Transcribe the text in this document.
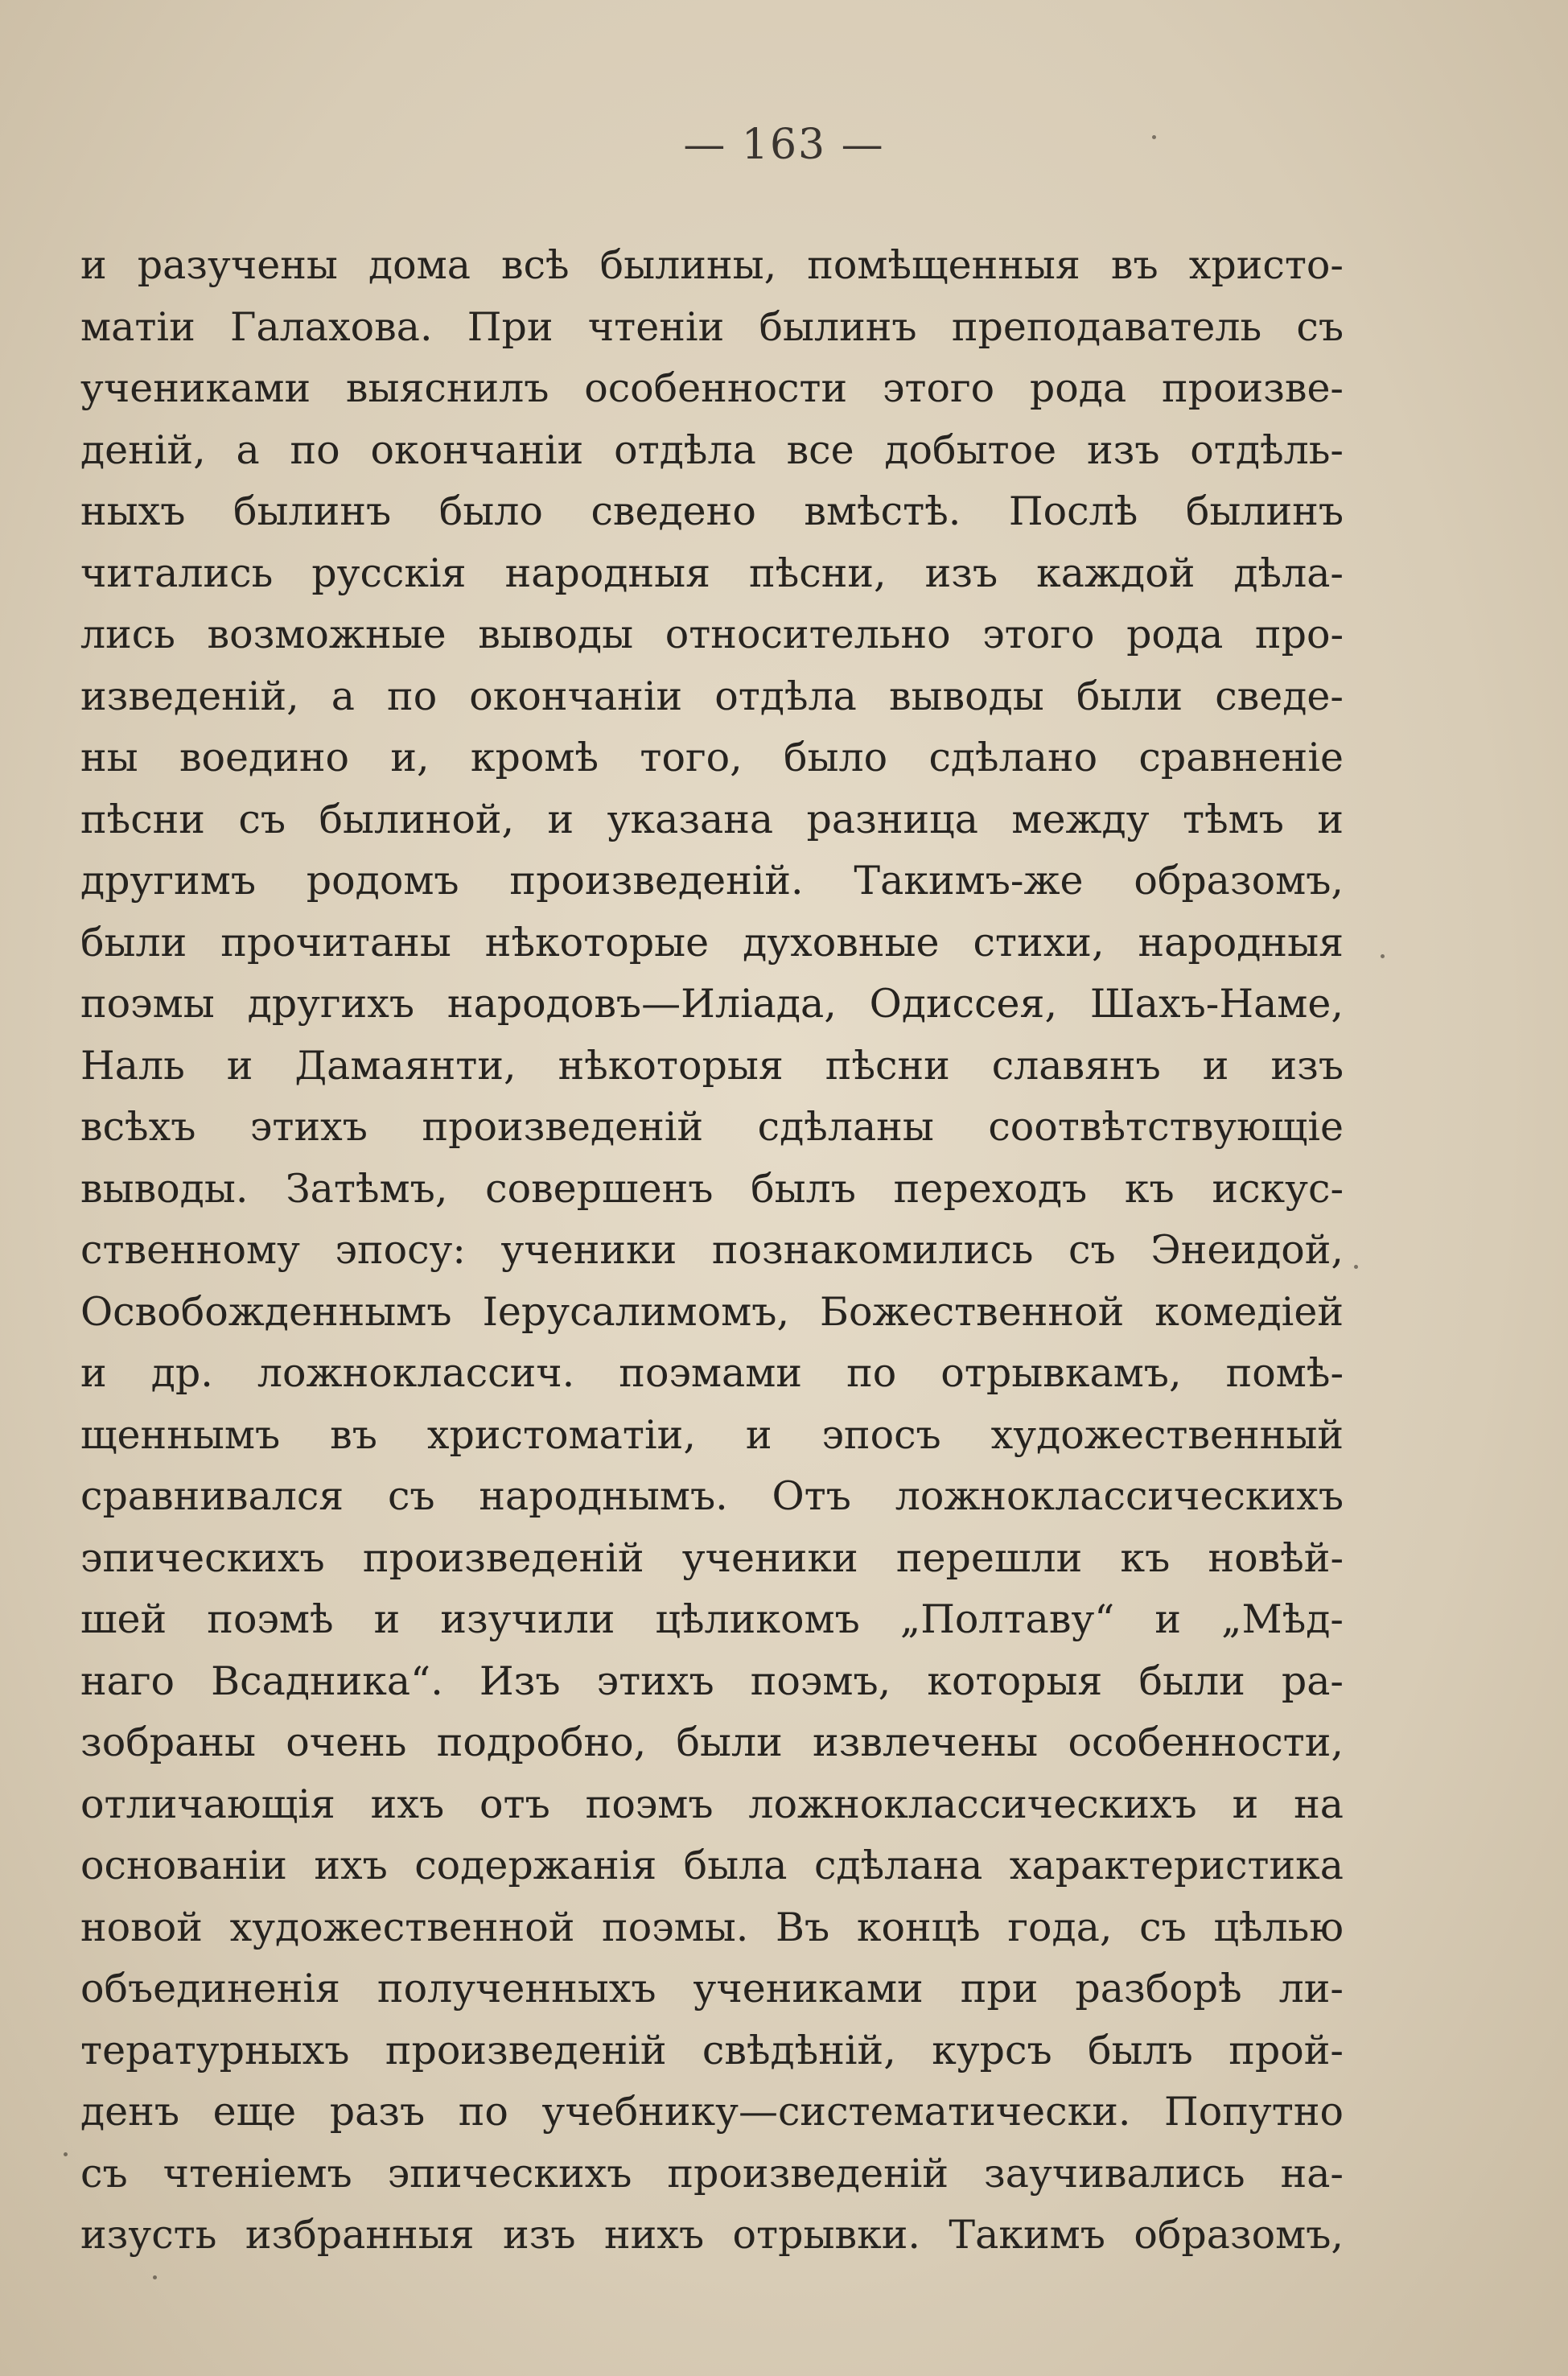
— 163 —
и разучены дома всѣ былины, помѣщенныя въ христо-
матіи Галахова. При чтеніи былинъ преподаватель съ
учениками выяснилъ особенности этого рода произве-
деній, а по окончаніи отдѣла все добытое изъ отдѣль-
ныхъ былинъ было сведено вмѣстѣ. Послѣ былинъ
читались русскія народныя пѣсни, изъ каждой дѣла-
лись возможные выводы относительно этого рода про-
изведеній, а по окончаніи отдѣла выводы были сведе-
ны воедино и, кромѣ того, было сдѣлано сравненіе
пѣсни съ былиной, и указана разница между тѣмъ и
другимъ родомъ произведеній. Такимъ-же образомъ,
были прочитаны нѣкоторые духовные стихи, народныя
поэмы другихъ народовъ—Иліада, Одиссея, Шахъ-Наме,
Наль и Дамаянти, нѣкоторыя пѣсни славянъ и изъ
всѣхъ этихъ произведеній сдѣланы соотвѣтствующіе
выводы. Затѣмъ, совершенъ былъ переходъ къ искус-
ственному эпосу: ученики познакомились съ Энеидой,
Освобожденнымъ Іерусалимомъ, Божественной комедіей
и др. ложноклассич. поэмами по отрывкамъ, помѣ-
щеннымъ въ христоматіи, и эпосъ художественный
сравнивался съ народнымъ. Отъ ложноклассическихъ
эпическихъ произведеній ученики перешли къ новѣй-
шей поэмѣ и изучили цѣликомъ „Полтаву“ и „Мѣд-
наго Всадника“. Изъ этихъ поэмъ, которыя были ра-
зобраны очень подробно, были извлечены особенности,
отличающія ихъ отъ поэмъ ложноклассическихъ и на
основаніи ихъ содержанія была сдѣлана характеристика
новой художественной поэмы. Въ концѣ года, съ цѣлью
объединенія полученныхъ учениками при разборѣ ли-
тературныхъ произведеній свѣдѣній, курсъ былъ прой-
денъ еще разъ по учебнику—систематически. Попутно
съ чтеніемъ эпическихъ произведеній заучивались на-
изусть избранныя изъ нихъ отрывки. Такимъ образомъ,
